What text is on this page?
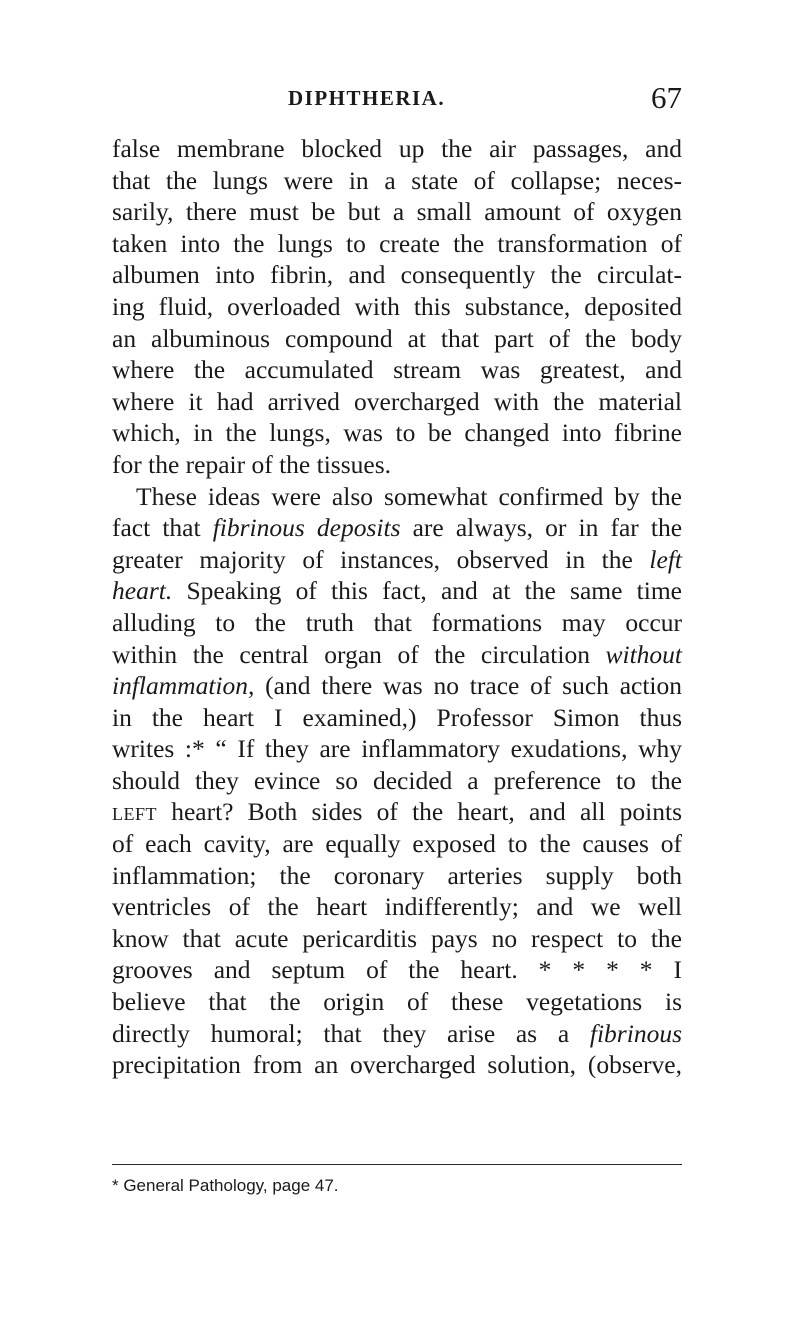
DIPHTHERIA.	67
false membrane blocked up the air passages, and
that the lungs were in a state of collapse; neces-
sarily, there must be but a small amount of oxygen
taken into the lungs to create the transformation of
albumen into fibrin, and consequently the circulat-
ing fluid, overloaded with this substance, deposited
an albuminous compound at that part of the body
where the accumulated stream was greatest, and
where it had arrived overcharged with the material
which, in the lungs, was to be changed into fibrine
for the repair of the tissues.
These ideas were also somewhat confirmed by the
fact that fibrinous deposits are always, or in far the
greater majority of instances, observed in the left
heart. Speaking of this fact, and at the same time
alluding to the truth that formations may occur
within the central organ of the circulation without
inflammation, (and there was no trace of such action
in the heart I examined,) Professor Simon thus
writes :* “ If they are inflammatory exudations, why
should they evince so decided a preference to the
left heart? Both sides of the heart, and all points
of each cavity, are equally exposed to the causes of
inflammation; the coronary arteries supply both
ventricles of the heart indifferently; and we well
know that acute pericarditis pays no respect to the
grooves and septum of the heart. * * * * I
believe that the origin of these vegetations is
directly humoral; that they arise as a fibrinous
precipitation from an overcharged solution, (observe,
* General Pathology, page 47.
